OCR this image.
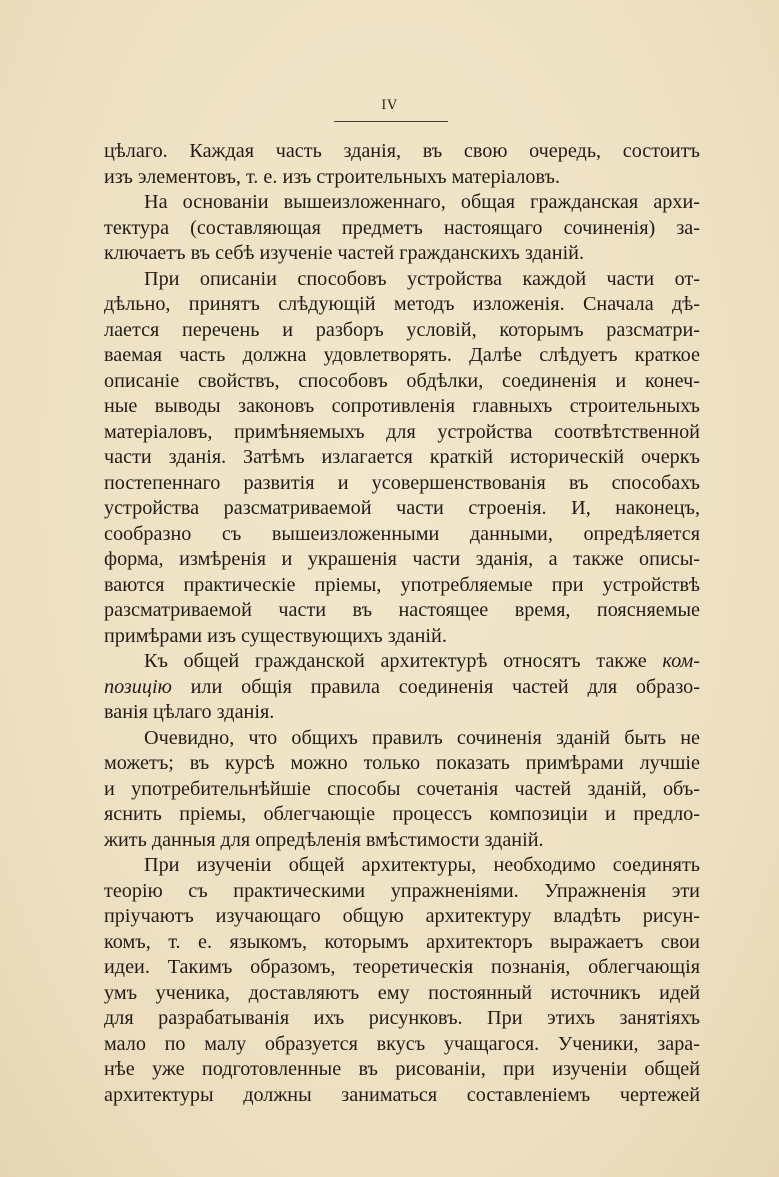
IV

цѣлаго. Каждая часть зданія, въ свою очередь, состоитъ
изъ элементовъ, т. е. изъ строительныхъ матеріаловъ.

На основаніи вышеизложеннаго, общая гражданская архи-
тектура (составляющая предметъ настоящаго сочиненія) за-
ключаетъ въ себѣ изученіе частей гражданскихъ зданій.

При описаніи способовъ устройства каждой части от-
дѣльно, принятъ слѣдующій методъ изложенія. Сначала дѣ-
лается перечень и разборъ условій, которымъ разсматри-
ваемая часть должна удовлетворять. Далѣе слѣдуетъ краткое
описаніе свойствъ, способовъ обдѣлки, соединенія и конеч-
ные выводы законовъ сопротивленія главныхъ строительныхъ
матеріаловъ, примѣняемыхъ для устройства соотвѣтственной
части зданія. Затѣмъ излагается краткій историческій очеркъ
постепеннаго развитія и усовершенствованія въ способахъ
устройства разсматриваемой части строенія. И, наконецъ,
сообразно съ вышеизложенными данными, опредѣляется
форма, измѣренія и украшенія части зданія, а также описы-
ваются практическіе пріемы, употребляемые при устройствѣ
разсматриваемой части въ настоящее время, поясняемые
примѣрами изъ существующихъ зданій.

Къ общей гражданской архитектурѣ относятъ также ком-
позицію или общія правила соединенія частей для образо-
ванія цѣлаго зданія.

Очевидно, что общихъ правилъ сочиненія зданій быть не
можетъ; въ курсѣ можно только показать примѣрами лучшіе
и употребительнѣйшіе способы сочетанія частей зданій, объ-
яснить пріемы, облегчающіе процессъ композиціи и предло-
жить данныя для опредѣленія вмѣстимости зданій.

При изученіи общей архитектуры, необходимо соединять
теорію съ практическими упражненіями. Упражненія эти
пріучаютъ изучающаго общую архитектуру владѣть рисун-
комъ, т. е. языкомъ, которымъ архитекторъ выражаетъ свои
идеи. Такимъ образомъ, теоретическія познанія, облегчающія
умъ ученика, доставляютъ ему постоянный источникъ идей
для разрабатыванія ихъ рисунковъ. При этихъ занятіяхъ
мало по малу образуется вкусъ учащагося. Ученики, зара-
нѣе уже подготовленные въ рисованіи, при изученіи общей
архитектуры должны заниматься составленіемъ чертежей
